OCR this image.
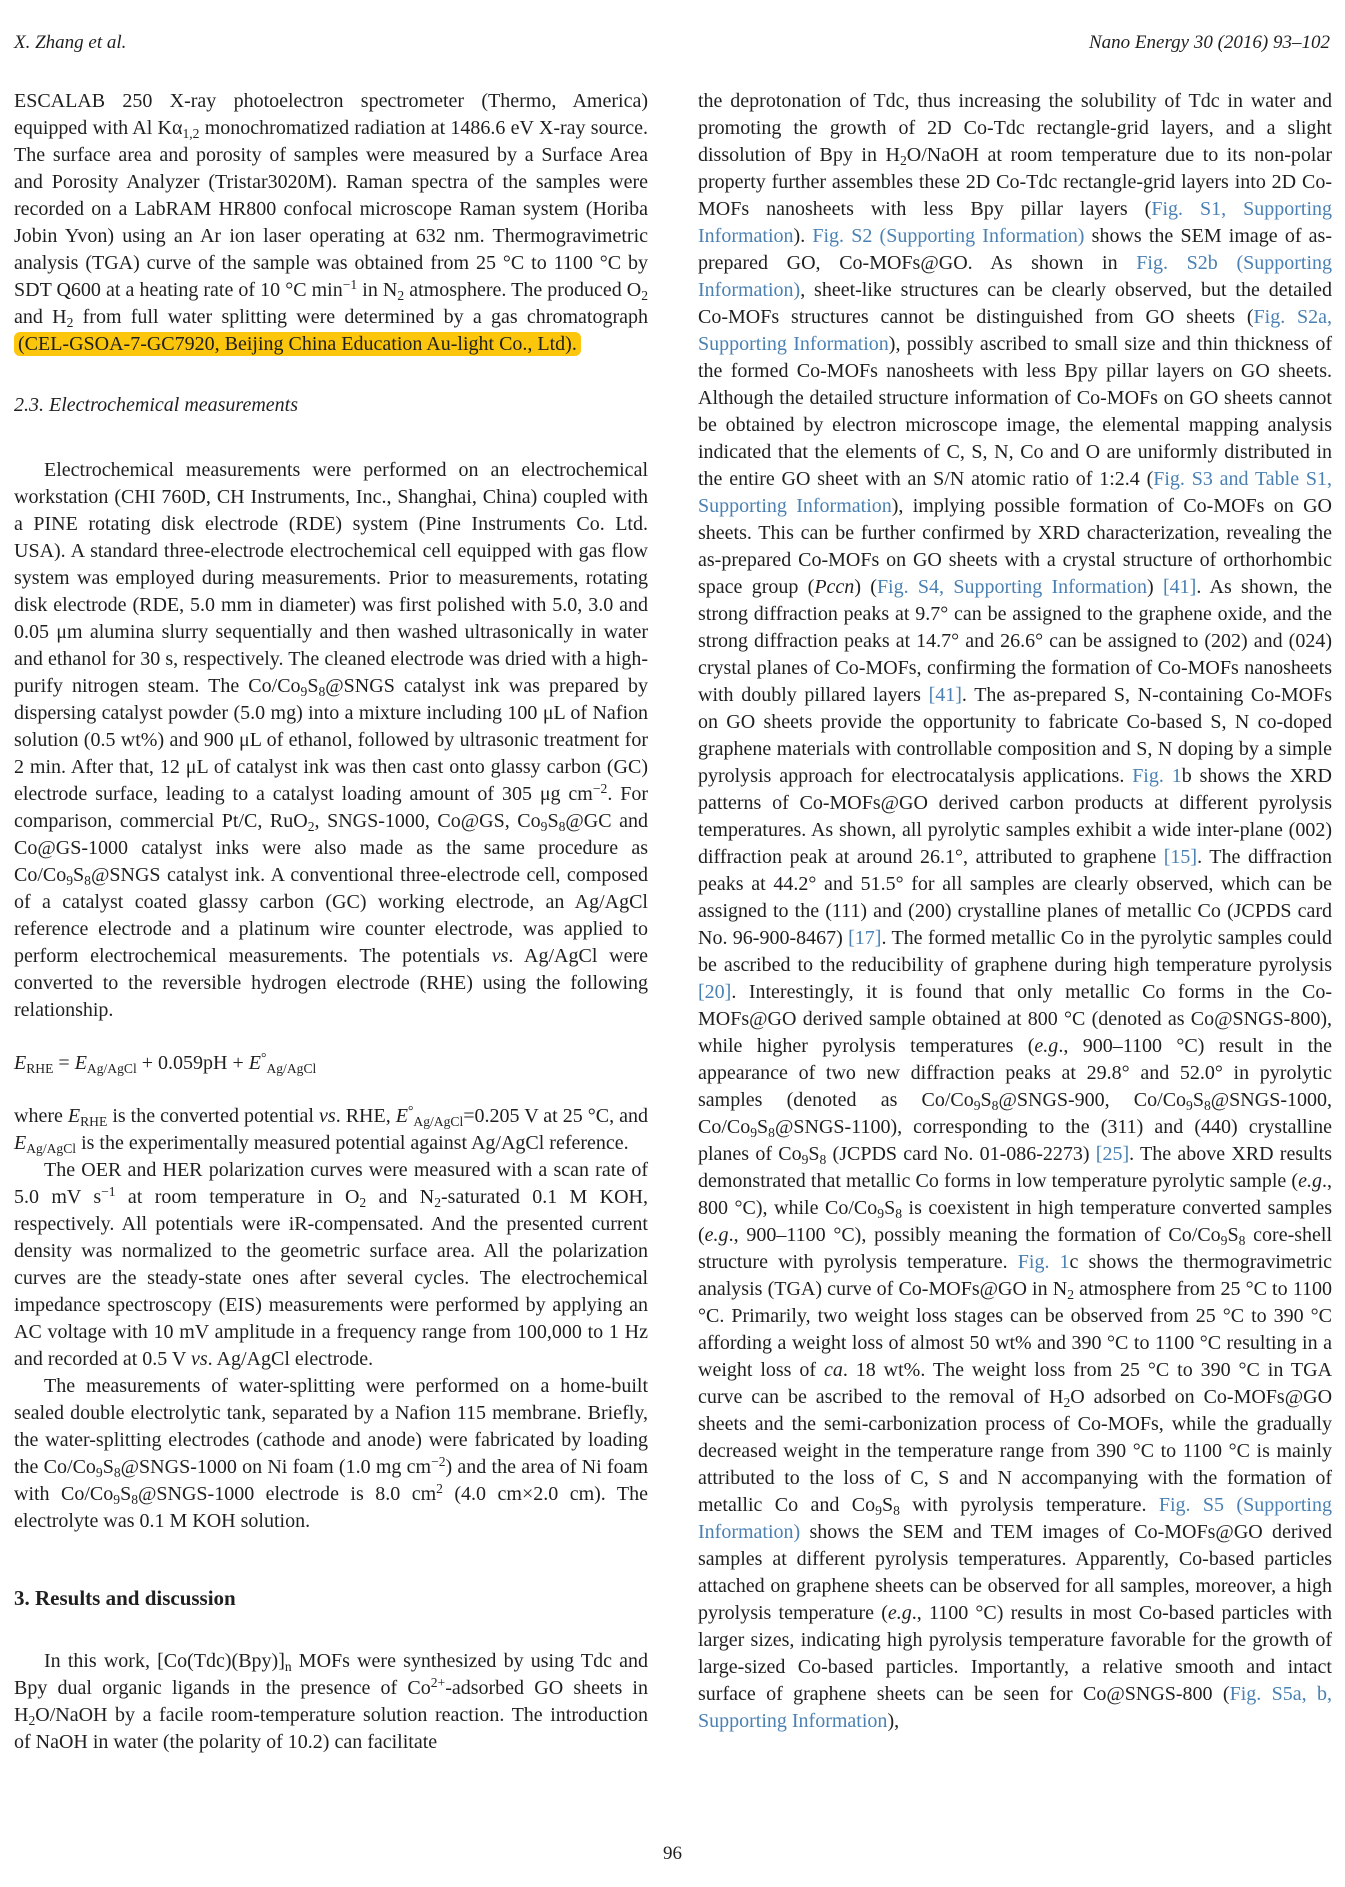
X. Zhang et al.	Nano Energy 30 (2016) 93–102

ESCALAB 250 X-ray photoelectron spectrometer (Thermo, America) equipped with Al Kα1,2 monochromatized radiation at 1486.6 eV X-ray source. The surface area and porosity of samples were measured by a Surface Area and Porosity Analyzer (Tristar3020M). Raman spectra of the samples were recorded on a LabRAM HR800 confocal microscope Raman system (Horiba Jobin Yvon) using an Ar ion laser operating at 632 nm. Thermogravimetric analysis (TGA) curve of the sample was obtained from 25 °C to 1100 °C by SDT Q600 at a heating rate of 10 °C $\min^{-1}$ in N2 atmosphere. The produced O2 and H2 from full water splitting were determined by a gas chromatograph (CEL-GSOA-7-GC7920, Beijing China Education Au-light Co., Ltd).

2.3. Electrochemical measurements

Electrochemical measurements were performed on an electrochemical workstation (CHI 760D, CH Instruments, Inc., Shanghai, China) coupled with a PINE rotating disk electrode (RDE) system (Pine Instruments Co. Ltd. USA). A standard three-electrode electrochemical cell equipped with gas flow system was employed during measurements. Prior to measurements, rotating disk electrode (RDE, 5.0 mm in diameter) was first polished with 5.0, 3.0 and 0.05 μm alumina slurry sequentially and then washed ultrasonically in water and ethanol for 30 s, respectively. The cleaned electrode was dried with a high-purify nitrogen steam. The Co/Co9S8@SNGS catalyst ink was prepared by dispersing catalyst powder (5.0 mg) into a mixture including 100 μL of Nafion solution (0.5 wt%) and 900 μL of ethanol, followed by ultrasonic treatment for 2 min. After that, 12 μL of catalyst ink was then cast onto glassy carbon (GC) electrode surface, leading to a catalyst loading amount of 305 μg $cm^{-2}$. For comparison, commercial Pt/C, RuO2, SNGS-1000, Co@GS, Co9S8@GC and Co@GS-1000 catalyst inks were also made as the same procedure as Co/Co9S8@SNGS catalyst ink. A conventional three-electrode cell, composed of a catalyst coated glassy carbon (GC) working electrode, an Ag/AgCl reference electrode and a platinum wire counter electrode, was applied to perform electrochemical measurements. The potentials vs. Ag/AgCl were converted to the reversible hydrogen electrode (RHE) using the following relationship.

ERHE = EAg/AgCl + 0.059pH + E°Ag/AgCl

where ERHE is the converted potential vs. RHE, E°Ag/AgCl=0.205 V at 25 °C, and EAg/AgCl is the experimentally measured potential against Ag/AgCl reference.

The OER and HER polarization curves were measured with a scan rate of 5.0 mV $s^{-1}$ at room temperature in O2 and N2-saturated 0.1 M KOH, respectively. All potentials were iR-compensated. And the presented current density was normalized to the geometric surface area. All the polarization curves are the steady-state ones after several cycles. The electrochemical impedance spectroscopy (EIS) measurements were performed by applying an AC voltage with 10 mV amplitude in a frequency range from 100,000 to 1 Hz and recorded at 0.5 V vs. Ag/AgCl electrode.

The measurements of water-splitting were performed on a home-built sealed double electrolytic tank, separated by a Nafion 115 membrane. Briefly, the water-splitting electrodes (cathode and anode) were fabricated by loading the Co/Co9S8@SNGS-1000 on Ni foam (1.0 mg $cm^{-2}$) and the area of Ni foam with Co/Co9S8@SNGS-1000 electrode is 8.0 $cm^2$ (4.0 cm×2.0 cm). The electrolyte was 0.1 M KOH solution.

3. Results and discussion

In this work, [Co(Tdc)(Bpy)]n MOFs were synthesized by using Tdc and Bpy dual organic ligands in the presence of $Co^{2+}$-adsorbed GO sheets in H2O/NaOH by a facile room-temperature solution reaction. The introduction of NaOH in water (the polarity of 10.2) can facilitate

the deprotonation of Tdc, thus increasing the solubility of Tdc in water and promoting the growth of 2D Co-Tdc rectangle-grid layers, and a slight dissolution of Bpy in H2O/NaOH at room temperature due to its non-polar property further assembles these 2D Co-Tdc rectangle-grid layers into 2D Co-MOFs nanosheets with less Bpy pillar layers (Fig. S1, Supporting Information). Fig. S2 (Supporting Information) shows the SEM image of as-prepared GO, Co-MOFs@GO. As shown in Fig. S2b (Supporting Information), sheet-like structures can be clearly observed, but the detailed Co-MOFs structures cannot be distinguished from GO sheets (Fig. S2a, Supporting Information), possibly ascribed to small size and thin thickness of the formed Co-MOFs nanosheets with less Bpy pillar layers on GO sheets. Although the detailed structure information of Co-MOFs on GO sheets cannot be obtained by electron microscope image, the elemental mapping analysis indicated that the elements of C, S, N, Co and O are uniformly distributed in the entire GO sheet with an S/N atomic ratio of 1:2.4 (Fig. S3 and Table S1, Supporting Information), implying possible formation of Co-MOFs on GO sheets. This can be further confirmed by XRD characterization, revealing the as-prepared Co-MOFs on GO sheets with a crystal structure of orthorhombic space group (Pccn) (Fig. S4, Supporting Information) [41]. As shown, the strong diffraction peaks at 9.7° can be assigned to the graphene oxide, and the strong diffraction peaks at 14.7° and 26.6° can be assigned to (202) and (024) crystal planes of Co-MOFs, confirming the formation of Co-MOFs nanosheets with doubly pillared layers [41]. The as-prepared S, N-containing Co-MOFs on GO sheets provide the opportunity to fabricate Co-based S, N co-doped graphene materials with controllable composition and S, N doping by a simple pyrolysis approach for electrocatalysis applications. Fig. 1b shows the XRD patterns of Co-MOFs@GO derived carbon products at different pyrolysis temperatures. As shown, all pyrolytic samples exhibit a wide inter-plane (002) diffraction peak at around 26.1°, attributed to graphene [15]. The diffraction peaks at 44.2° and 51.5° for all samples are clearly observed, which can be assigned to the (111) and (200) crystalline planes of metallic Co (JCPDS card No. 96-900-8467) [17]. The formed metallic Co in the pyrolytic samples could be ascribed to the reducibility of graphene during high temperature pyrolysis [20]. Interestingly, it is found that only metallic Co forms in the Co-MOFs@GO derived sample obtained at 800 °C (denoted as Co@SNGS-800), while higher pyrolysis temperatures (e.g., 900–1100 °C) result in the appearance of two new diffraction peaks at 29.8° and 52.0° in pyrolytic samples (denoted as Co/Co9S8@SNGS-900, Co/Co9S8@SNGS-1000, Co/Co9S8@SNGS-1100), corresponding to the (311) and (440) crystalline planes of Co9S8 (JCPDS card No. 01-086-2273) [25]. The above XRD results demonstrated that metallic Co forms in low temperature pyrolytic sample (e.g., 800 °C), while Co/Co9S8 is coexistent in high temperature converted samples (e.g., 900–1100 °C), possibly meaning the formation of Co/Co9S8 core-shell structure with pyrolysis temperature. Fig. 1c shows the thermogravimetric analysis (TGA) curve of Co-MOFs@GO in N2 atmosphere from 25 °C to 1100 °C. Primarily, two weight loss stages can be observed from 25 °C to 390 °C affording a weight loss of almost 50 wt% and 390 °C to 1100 °C resulting in a weight loss of ca. 18 wt%. The weight loss from 25 °C to 390 °C in TGA curve can be ascribed to the removal of H2O adsorbed on Co-MOFs@GO sheets and the semi-carbonization process of Co-MOFs, while the gradually decreased weight in the temperature range from 390 °C to 1100 °C is mainly attributed to the loss of C, S and N accompanying with the formation of metallic Co and Co9S8 with pyrolysis temperature. Fig. S5 (Supporting Information) shows the SEM and TEM images of Co-MOFs@GO derived samples at different pyrolysis temperatures. Apparently, Co-based particles attached on graphene sheets can be observed for all samples, moreover, a high pyrolysis temperature (e.g., 1100 °C) results in most Co-based particles with larger sizes, indicating high pyrolysis temperature favorable for the growth of large-sized Co-based particles. Importantly, a relative smooth and intact surface of graphene sheets can be seen for Co@SNGS-800 (Fig. S5a, b, Supporting Information),

96
